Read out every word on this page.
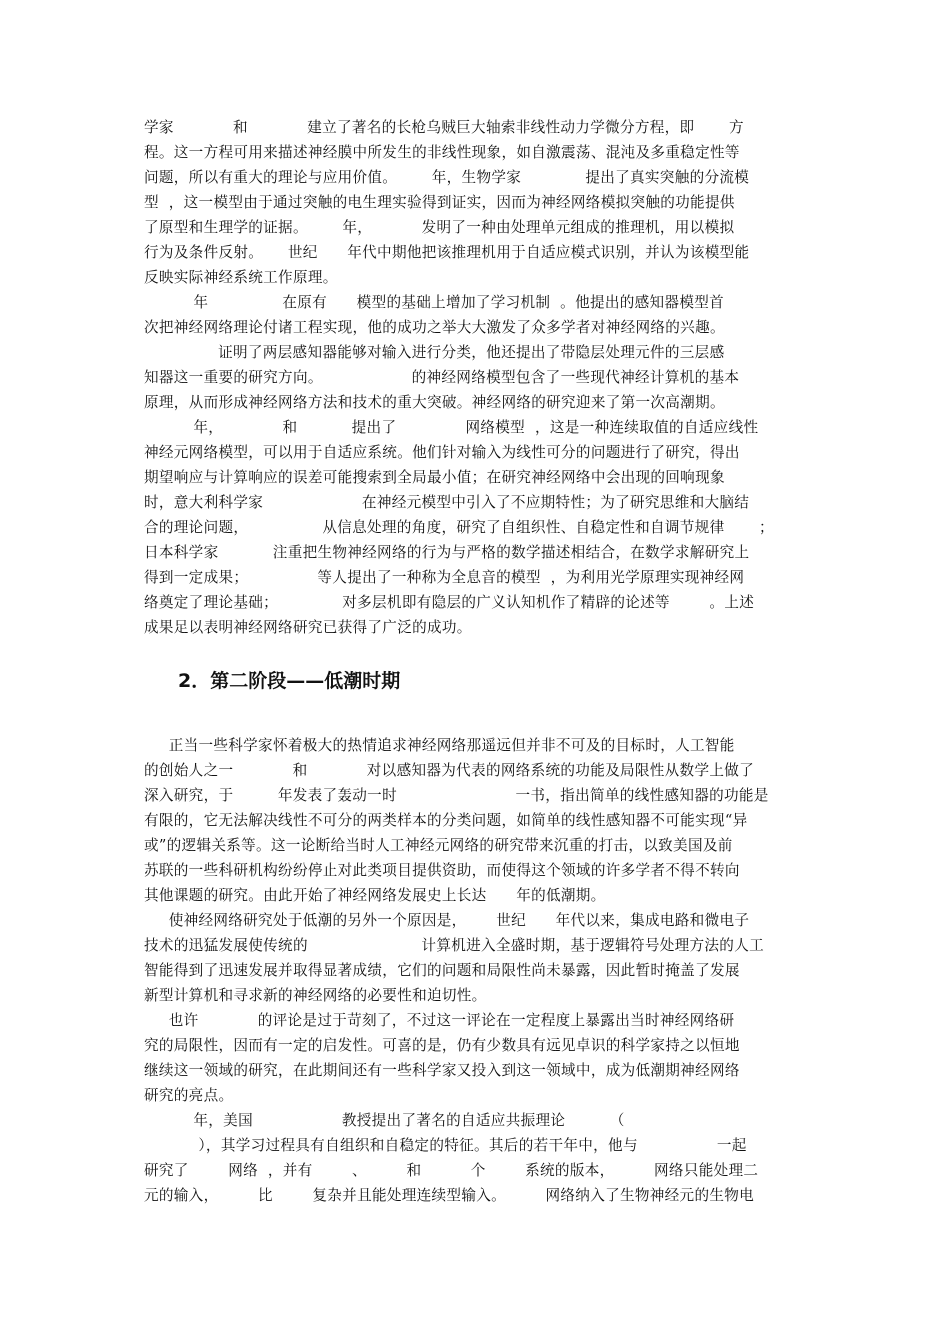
学家            和            建立了著名的长枪乌贼巨大轴索非线性动力学微分方程，即       方
程。这一方程可用来描述神经膜中所发生的非线性现象，如自激震荡、混沌及多重稳定性等
问题，所以有重大的理论与应用价值。       年，生物学家             提出了真实突触的分流模
型  ，这一模型由于通过突触的电生理实验得到证实，因而为神经网络模拟突触的功能提供
了原型和生理学的证据。       年，          发明了一种由处理单元组成的推理机，用以模拟
行为及条件反射。     世纪      年代中期他把该推理机用于自适应模式识别，并认为该模型能
反映实际神经系统工作原理。
年               在原有      模型的基础上增加了学习机制  。他提出的感知器模型首
次把神经网络理论付诸工程实现，他的成功之举大大激发了众多学者对神经网络的兴趣。
证明了两层感知器能够对输入进行分类，他还提出了带隐层处理元件的三层感
知器这一重要的研究方向。                  的神经网络模型包含了一些现代神经计算机的基本
原理，从而形成神经网络方法和技术的重大突破。神经网络的研究迎来了第一次高潮期。
年，            和           提出了              网络模型  ，这是一种连续取值的自适应线性
神经元网络模型，可以用于自适应系统。他们针对输入为线性可分的问题进行了研究，得出
期望响应与计算响应的误差可能搜索到全局最小值；在研究神经网络中会出现的回响现象
时，意大利科学家                    在神经元模型中引入了不应期特性；为了研究思维和大脑结
合的理论问题，               从信息处理的角度，研究了自组织性、自稳定性和自调节规律       ；
日本科学家           注重把生物神经网络的行为与严格的数学描述相结合，在数学求解研究上
得到一定成果；              等人提出了一种称为全息音的模型  ，为利用光学原理实现神经网
络奠定了理论基础；             对多层机即有隐层的广义认知机作了精辟的论述等        。上述
成果足以表明神经网络研究已获得了广泛的成功。
2．第二阶段——低潮时期
正当一些科学家怀着极大的热情追求神经网络那遥远但并非不可及的目标时，人工智能
的创始人之一            和            对以感知器为代表的网络系统的功能及局限性从数学上做了
深入研究，于         年发表了轰动一时                        一书，指出简单的线性感知器的功能是
有限的，它无法解决线性不可分的两类样本的分类问题，如简单的线性感知器不可能实现“异
或”的逻辑关系等。这一论断给当时人工神经元网络的研究带来沉重的打击，以致美国及前
苏联的一些科研机构纷纷停止对此类项目提供资助，而使得这个领域的许多学者不得不转向
其他课题的研究。由此开始了神经网络发展史上长达      年的低潮期。
使神经网络研究处于低潮的另外一个原因是，      世纪      年代以来，集成电路和微电子
技术的迅猛发展使传统的                       计算机进入全盛时期，基于逻辑符号处理方法的人工
智能得到了迅速发展并取得显著成绩，它们的问题和局限性尚未暴露，因此暂时掩盖了发展
新型计算机和寻求新的神经网络的必要性和迫切性。
也许            的评论是过于苛刻了，不过这一评论在一定程度上暴露出当时神经网络研
究的局限性，因而有一定的启发性。可喜的是，仍有少数具有远见卓识的科学家持之以恒地
继续这一领域的研究，在此期间还有一些科学家又投入到这一领域中，成为低潮期神经网络
研究的亮点。
年，美国                  教授提出了著名的自适应共振理论         （
），其学习过程具有自组织和自稳定的特征。其后的若干年中，他与                一起
研究了        网络  ，并有        、        和          个        系统的版本，        网络只能处理二
元的输入，        比        复杂并且能处理连续型输入。        网络纳入了生物神经元的生物电
